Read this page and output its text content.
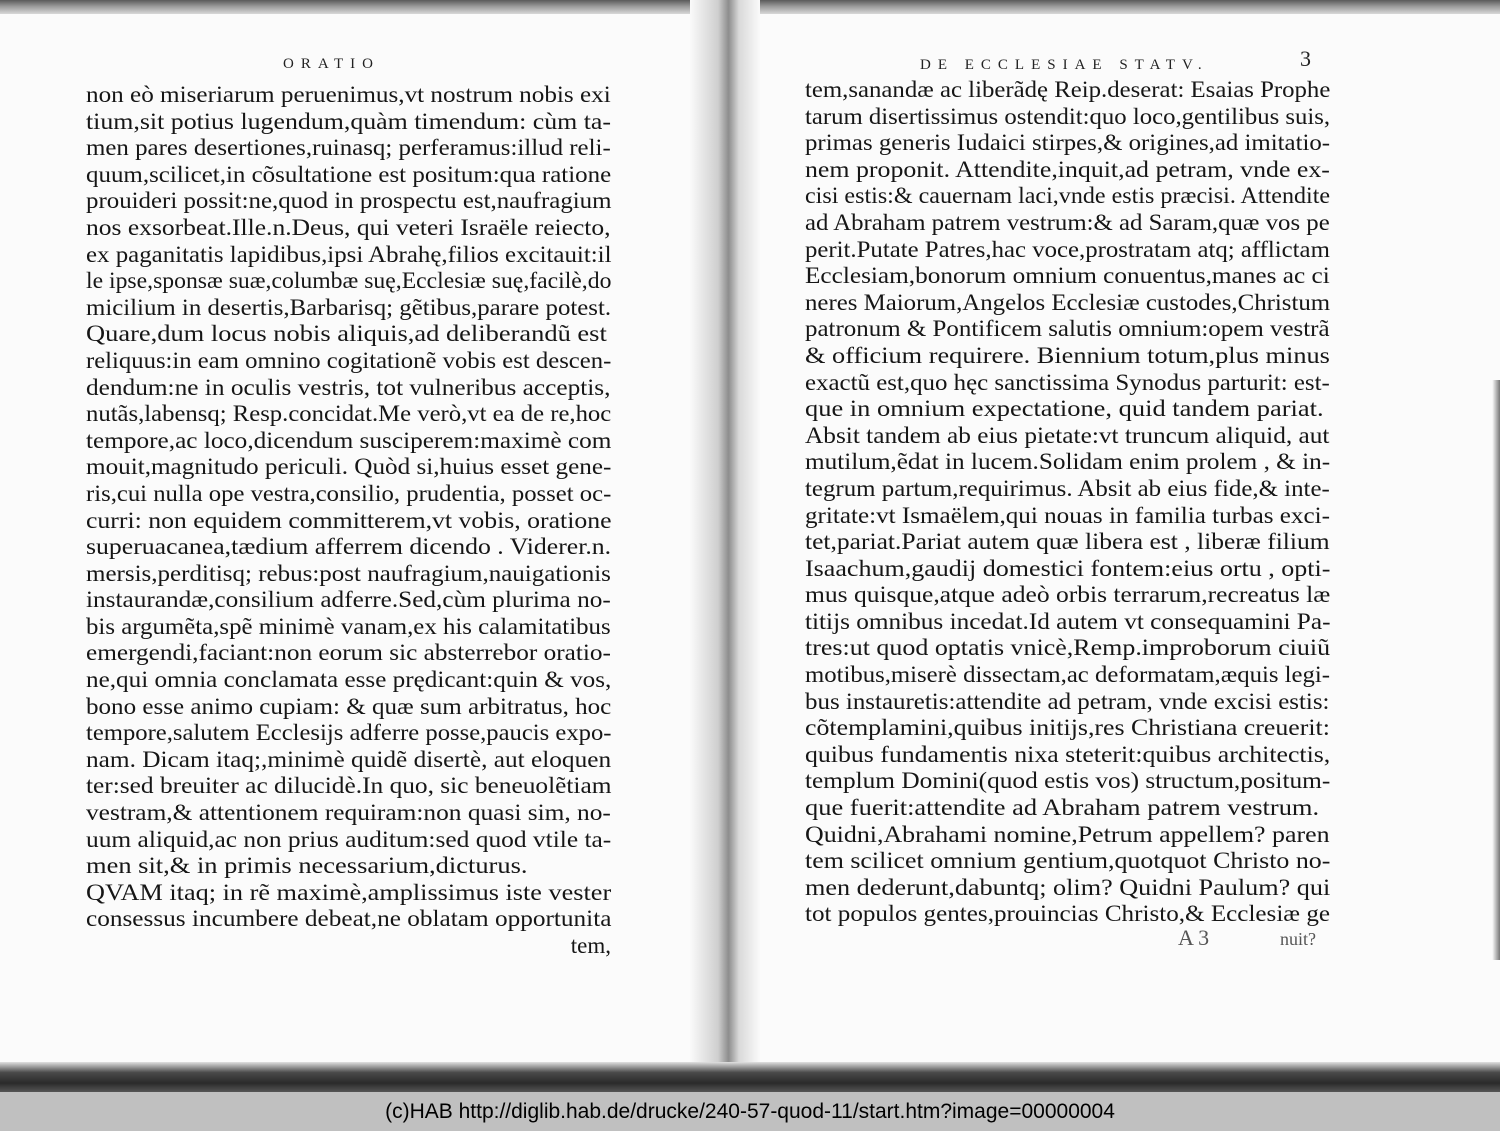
ORATIO
non eò miseriarum peruenimus,vt nostrum nobis exi
tium,sit potius lugendum,quàm timendum: cùm ta-
men pares desertiones,ruinasq; perferamus:illud reli-
quum,scilicet,in cõsultatione est positum:qua ratione
prouideri possit:ne,quod in prospectu est,naufragium
nos exsorbeat.Ille.n.Deus, qui veteri Israële reiecto,
ex paganitatis lapidibus,ipsi Abrahę,filios excitauit:il
le ipse,sponsæ suæ,columbæ suę,Ecclesiæ suę,facilè,do
micilium in desertis,Barbarisq; gẽtibus,parare potest.
Quare,dum locus nobis aliquis,ad deliberandũ est
reliquus:in eam omnino cogitationẽ vobis est descen-
dendum:ne in oculis vestris, tot vulneribus acceptis,
nutãs,labensq; Resp.concidat.Me verò,vt ea de re,hoc
tempore,ac loco,dicendum susciperem:maximè com
mouit,magnitudo periculi. Quòd si,huius esset gene-
ris,cui nulla ope vestra,consilio, prudentia, posset oc-
curri: non equidem committerem,vt vobis, oratione
superuacanea,tædium afferrem dicendo . Viderer.n.
mersis,perditisq; rebus:post naufragium,nauigationis
instaurandæ,consilium adferre.Sed,cùm plurima no-
bis argumẽta,spẽ minimè vanam,ex his calamitatibus
emergendi,faciant:non eorum sic absterrebor oratio-
ne,qui omnia conclamata esse prędicant:quin & vos,
bono esse animo cupiam: & quæ sum arbitratus, hoc
tempore,salutem Ecclesijs adferre posse,paucis expo-
nam. Dicam itaq;,minimè quidẽ disertè, aut eloquen
ter:sed breuiter ac dilucidè.In quo, sic beneuolẽtiam
vestram,& attentionem requiram:non quasi sim, no-
uum aliquid,ac non prius auditum:sed quod vtile ta-
men sit,& in primis necessarium,dicturus.
QVAM itaq; in rẽ maximè,amplissimus iste vester
consessus incumbere debeat,ne oblatam opportunita
tem,
DE ECCLESIAE STATV.	3
tem,sanandæ ac liberãdę Reip.deserat: Esaias Prophe
tarum disertissimus ostendit:quo loco,gentilibus suis,
primas generis Iudaici stirpes,& origines,ad imitatio-
nem proponit. Attendite,inquit,ad petram, vnde ex-
cisi estis:& cauernam laci,vnde estis præcisi. Attendite
ad Abraham patrem vestrum:& ad Saram,quæ vos pe
perit.Putate Patres,hac voce,prostratam atq; afflictam
Ecclesiam,bonorum omnium conuentus,manes ac ci
neres Maiorum,Angelos Ecclesiæ custodes,Christum
patronum & Pontificem salutis omnium:opem vestrã
& officium requirere. Biennium totum,plus minus
exactũ est,quo hęc sanctissima Synodus parturit: est-
que in omnium expectatione, quid tandem pariat.
Absit tandem ab eius pietate:vt truncum aliquid, aut
mutilum,ẽdat in lucem.Solidam enim prolem , & in-
tegrum partum,requirimus. Absit ab eius fide,& inte-
gritate:vt Ismaëlem,qui nouas in familia turbas exci-
tet,pariat.Pariat autem quæ libera est , liberæ filium
Isaachum,gaudij domestici fontem:eius ortu , opti-
mus quisque,atque adeò orbis terrarum,recreatus læ
titijs omnibus incedat.Id autem vt consequamini Pa-
tres:ut quod optatis vnicè,Remp.improborum ciuiũ
motibus,miserè dissectam,ac deformatam,æquis legi-
bus instauretis:attendite ad petram, vnde excisi estis:
cõtemplamini,quibus initijs,res Christiana creuerit:
quibus fundamentis nixa steterit:quibus architectis,
templum Domini(quod estis vos) structum,positum-
que fuerit:attendite ad Abraham patrem vestrum.
Quidni,Abrahami nomine,Petrum appellem? paren
tem scilicet omnium gentium,quotquot Christo no-
men dederunt,dabuntq; olim? Quidni Paulum? qui
tot populos gentes,prouincias Christo,& Ecclesiæ ge
A 3	nuit?
(c)HAB http://diglib.hab.de/drucke/240-57-quod-11/start.htm?image=00000004
